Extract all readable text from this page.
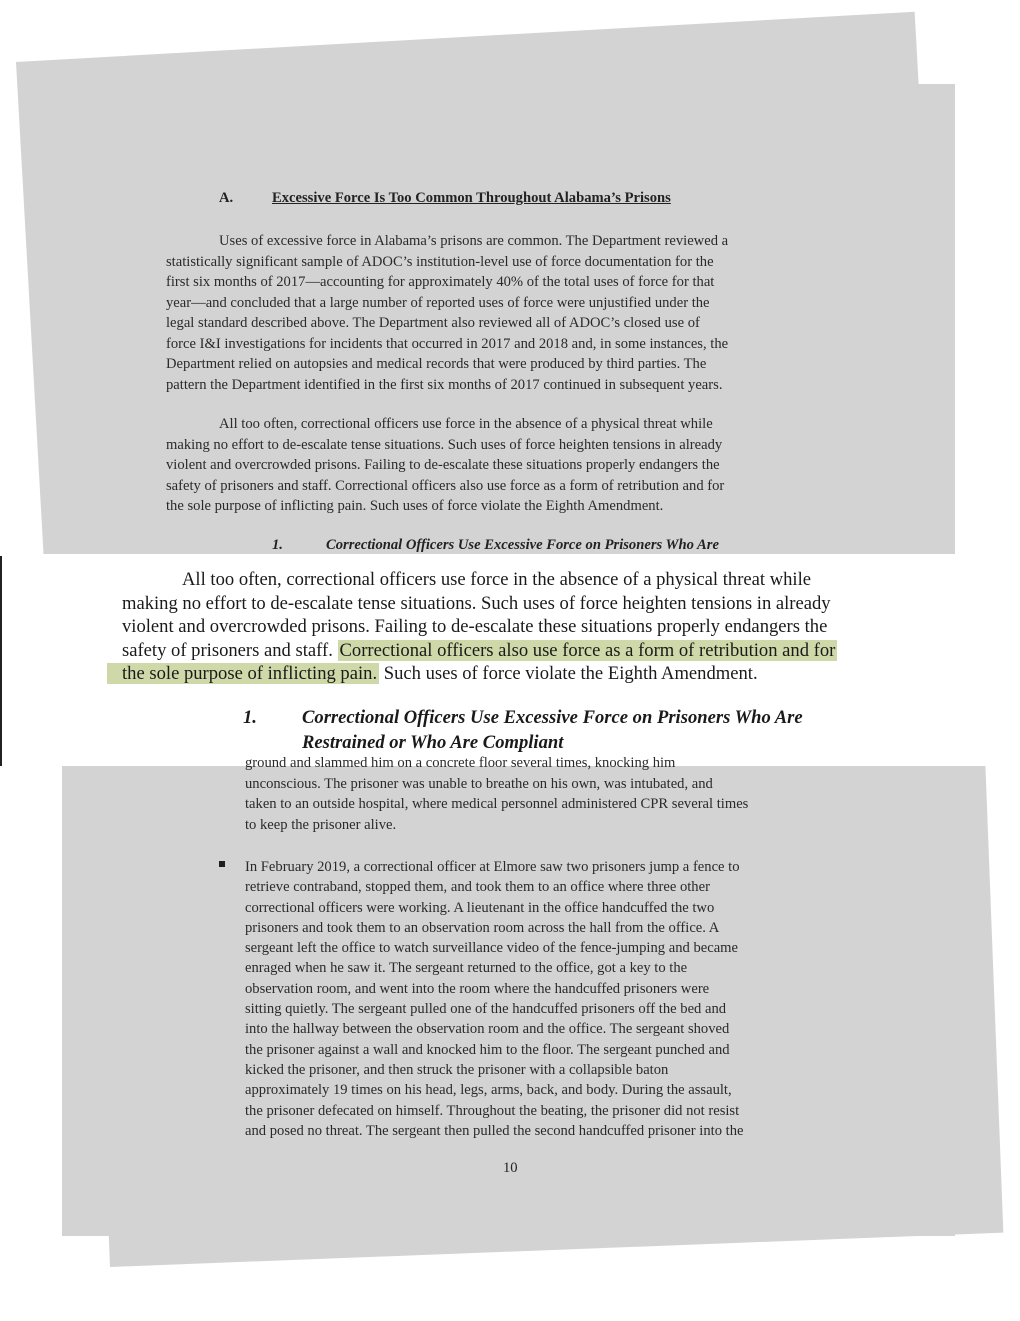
A.	Excessive Force Is Too Common Throughout Alabama’s Prisons
Uses of excessive force in Alabama’s prisons are common. The Department reviewed a
statistically significant sample of ADOC’s institution-level use of force documentation for the
first six months of 2017—accounting for approximately 40% of the total uses of force for that
year—and concluded that a large number of reported uses of force were unjustified under the
legal standard described above. The Department also reviewed all of ADOC’s closed use of
force I&I investigations for incidents that occurred in 2017 and 2018 and, in some instances, the
Department relied on autopsies and medical records that were produced by third parties. The
pattern the Department identified in the first six months of 2017 continued in subsequent years.
All too often, correctional officers use force in the absence of a physical threat while
making no effort to de-escalate tense situations. Such uses of force heighten tensions in already
violent and overcrowded prisons. Failing to de-escalate these situations properly endangers the
safety of prisoners and staff. Correctional officers also use force as a form of retribution and for
the sole purpose of inflicting pain. Such uses of force violate the Eighth Amendment.
1.	Correctional Officers Use Excessive Force on Prisoners Who Are
All too often, correctional officers use force in the absence of a physical threat while
making no effort to de-escalate tense situations. Such uses of force heighten tensions in already
violent and overcrowded prisons. Failing to de-escalate these situations properly endangers the
safety of prisoners and staff. Correctional officers also use force as a form of retribution and for
the sole purpose of inflicting pain. Such uses of force violate the Eighth Amendment.
1. Correctional Officers Use Excessive Force on Prisoners Who Are
Restrained or Who Are Compliant
ground and slammed him on a concrete floor several times, knocking him
unconscious. The prisoner was unable to breathe on his own, was intubated, and
taken to an outside hospital, where medical personnel administered CPR several times
to keep the prisoner alive.
In February 2019, a correctional officer at Elmore saw two prisoners jump a fence to
retrieve contraband, stopped them, and took them to an office where three other
correctional officers were working. A lieutenant in the office handcuffed the two
prisoners and took them to an observation room across the hall from the office. A
sergeant left the office to watch surveillance video of the fence-jumping and became
enraged when he saw it. The sergeant returned to the office, got a key to the
observation room, and went into the room where the handcuffed prisoners were
sitting quietly. The sergeant pulled one of the handcuffed prisoners off the bed and
into the hallway between the observation room and the office. The sergeant shoved
the prisoner against a wall and knocked him to the floor. The sergeant punched and
kicked the prisoner, and then struck the prisoner with a collapsible baton
approximately 19 times on his head, legs, arms, back, and body. During the assault,
the prisoner defecated on himself. Throughout the beating, the prisoner did not resist
and posed no threat. The sergeant then pulled the second handcuffed prisoner into the
10
